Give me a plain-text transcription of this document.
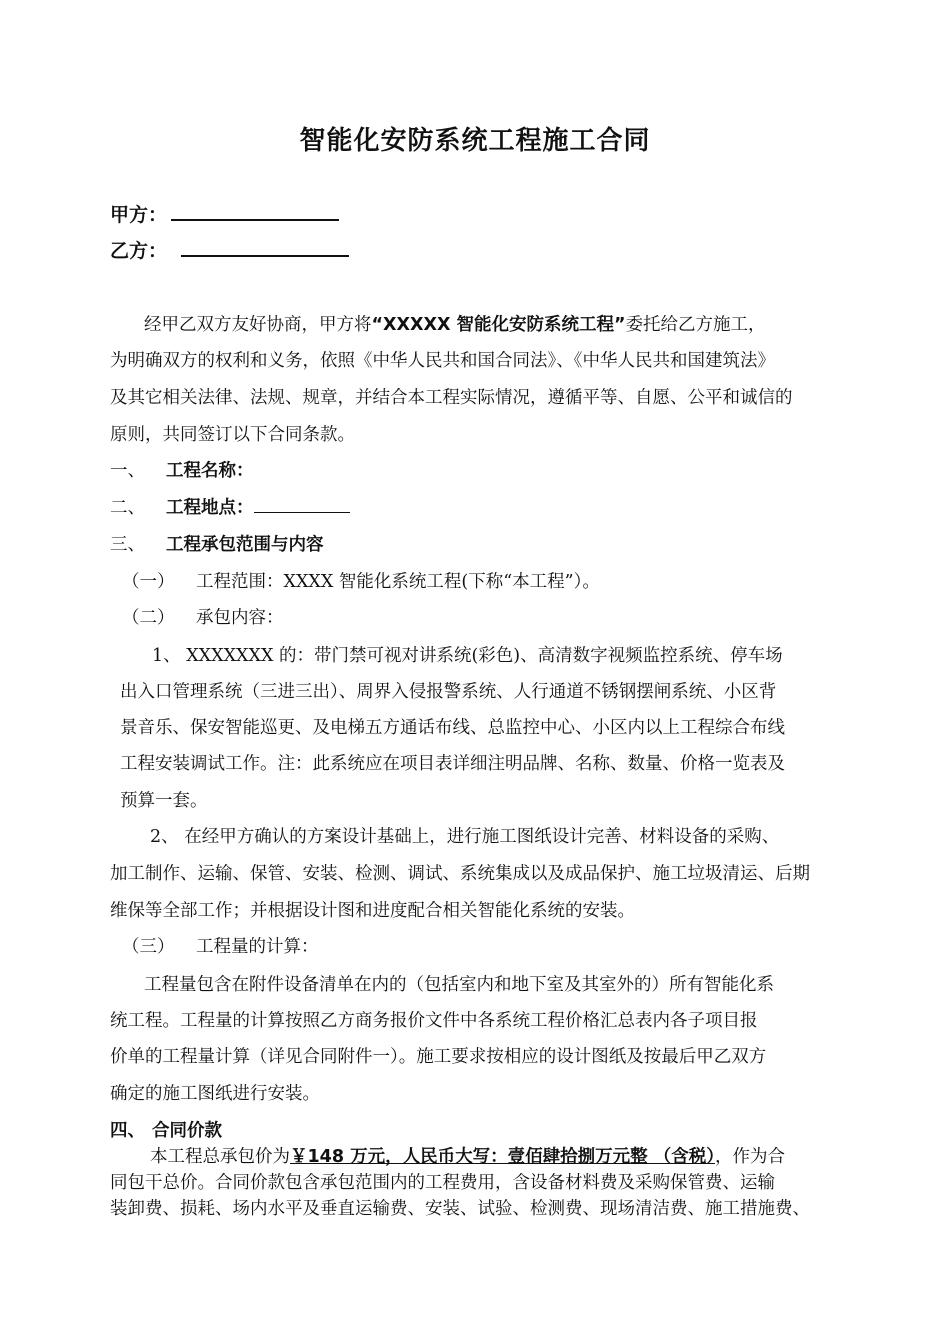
智能化安防系统工程施工合同
甲方：
乙方：
经甲乙双方友好协商，甲方将“XXXXX 智能化安防系统工程”委托给乙方施工，
为明确双方的权利和义务，依照《中华人民共和国合同法》、《中华人民共和国建筑法》
及其它相关法律、法规、规章，并结合本工程实际情况，遵循平等、自愿、公平和诚信的
原则，共同签订以下合同条款。
一、 工程名称：
二、 工程地点：
三、 工程承包范围与内容
（一） 工程范围：XXXX 智能化系统工程(下称“本工程”）。
（二） 承包内容：
1、 XXXXXXX 的：带门禁可视对讲系统(彩色)、高清数字视频监控系统、停车场
出入口管理系统（三进三出）、周界入侵报警系统、人行通道不锈钢摆闸系统、小区背
景音乐、保安智能巡更、及电梯五方通话布线、总监控中心、小区内以上工程综合布线
工程安装调试工作。注：此系统应在项目表详细注明品牌、名称、数量、价格一览表及
预算一套。
2、 在经甲方确认的方案设计基础上，进行施工图纸设计完善、材料设备的采购、
加工制作、运输、保管、安装、检测、调试、系统集成以及成品保护、施工垃圾清运、后期
维保等全部工作；并根据设计图和进度配合相关智能化系统的安装。
（三） 工程量的计算：
工程量包含在附件设备清单在内的（包括室内和地下室及其室外的）所有智能化系
统工程。工程量的计算按照乙方商务报价文件中各系统工程价格汇总表内各子项目报
价单的工程量计算（详见合同附件一）。施工要求按相应的设计图纸及按最后甲乙双方
确定的施工图纸进行安装。
四、 合同价款
本工程总承包价为￥148 万元，人民币大写：壹佰肆拾捌万元整 （含税），作为合
同包干总价。合同价款包含承包范围内的工程费用，含设备材料费及采购保管费、运输
装卸费、损耗、场内水平及垂直运输费、安装、试验、检测费、现场清洁费、施工措施费、
